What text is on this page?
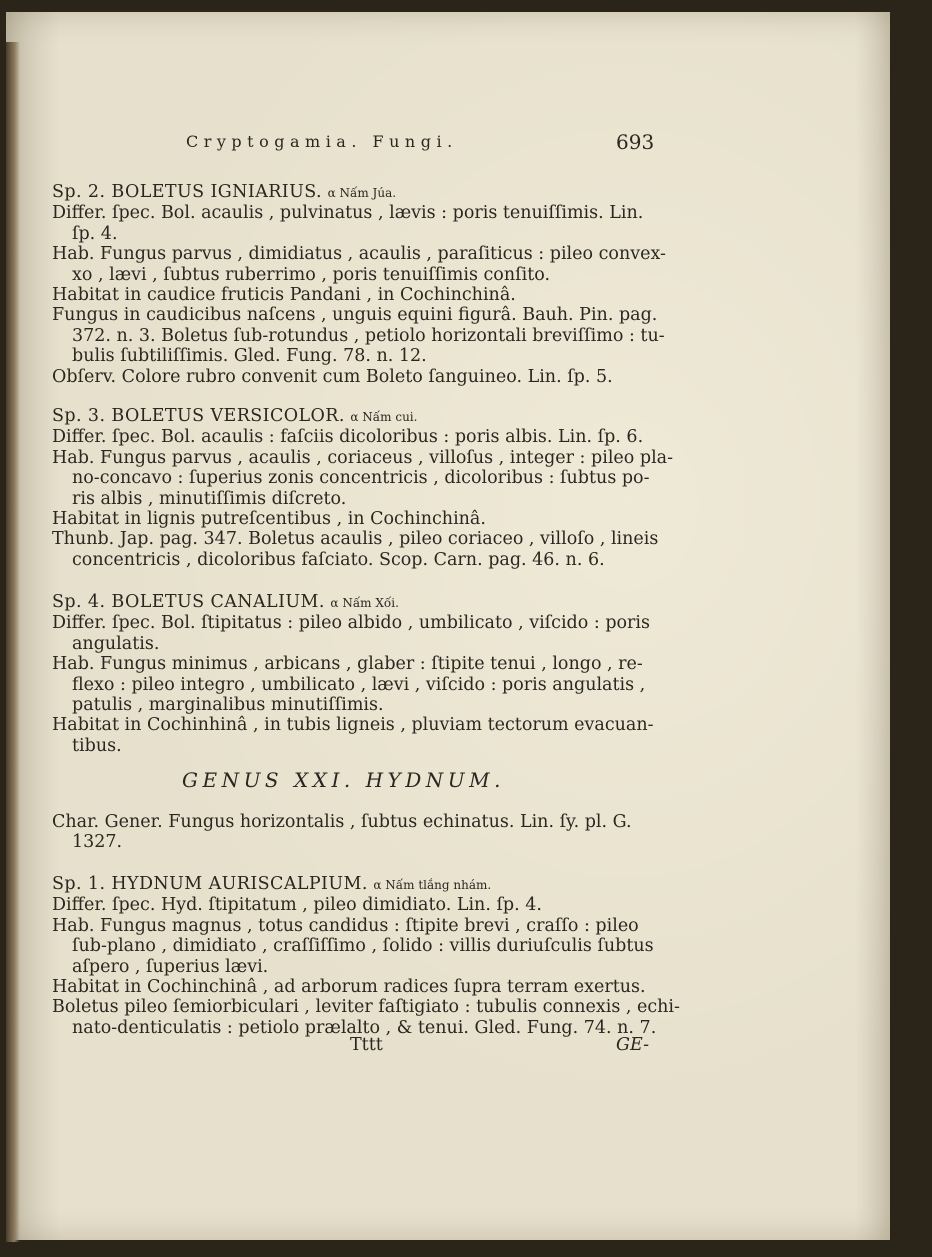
Cryptogamia. Fungi.	693
Sp. 2. BOLETUS IGNIARIUS. α Nấm Júa.
Differ. ſpec. Bol. acaulis , pulvinatus , lævis : poris tenuiſſimis. Lin.
ſp. 4.
Hab. Fungus parvus , dimidiatus , acaulis , paraſiticus : pileo convex-
xo , lævi , ſubtus ruberrimo , poris tenuiſſimis conſito.
Habitat in caudice fruticis Pandani , in Cochinchinâ.
Fungus in caudicibus naſcens , unguis equini figurâ. Bauh. Pin. pag.
372. n. 3. Boletus ſub-rotundus , petiolo horizontali breviſſimo : tu-
bulis ſubtiliſſimis. Gled. Fung. 78. n. 12.
Obſerv. Colore rubro convenit cum Boleto ſanguineo. Lin. ſp. 5.
Sp. 3. BOLETUS VERSICOLOR. α Nấm cui.
Differ. ſpec. Bol. acaulis : faſciis dicoloribus : poris albis. Lin. ſp. 6.
Hab. Fungus parvus , acaulis , coriaceus , villoſus , integer : pileo pla-
no-concavo : ſuperius zonis concentricis , dicoloribus : ſubtus po-
ris albis , minutiſſimis diſcreto.
Habitat in lignis putreſcentibus , in Cochinchinâ.
Thunb. Jap. pag. 347. Boletus acaulis , pileo coriaceo , villoſo , lineis
concentricis , dicoloribus faſciato. Scop. Carn. pag. 46. n. 6.
Sp. 4. BOLETUS CANALIUM. α Nấm Xối.
Differ. ſpec. Bol. ſtipitatus : pileo albido , umbilicato , viſcido : poris
angulatis.
Hab. Fungus minimus , arbicans , glaber : ſtipite tenui , longo , re-
flexo : pileo integro , umbilicato , lævi , viſcido : poris angulatis ,
patulis , marginalibus minutiſſimis.
Habitat in Cochinhinâ , in tubis ligneis , pluviam tectorum evacuan-
tibus.
GENUS XXI. HYDNUM.
Char. Gener. Fungus horizontalis , ſubtus echinatus. Lin. ſy. pl. G.
1327.
Sp. 1. HYDNUM AURISCALPIUM. α Nấm tlắng nhám.
Differ. ſpec. Hyd. ſtipitatum , pileo dimidiato. Lin. ſp. 4.
Hab. Fungus magnus , totus candidus : ſtipite brevi , craſſo : pileo
ſub-plano , dimidiato , craſſiſſimo , ſolido : villis duriuſculis ſubtus
aſpero , ſuperius lævi.
Habitat in Cochinchinâ , ad arborum radices ſupra terram exertus.
Boletus pileo ſemiorbiculari , leviter faſtigiato : tubulis connexis , echi-
nato-denticulatis : petiolo prælalto , & tenui. Gled. Fung. 74. n. 7.
Tttt	GE-
